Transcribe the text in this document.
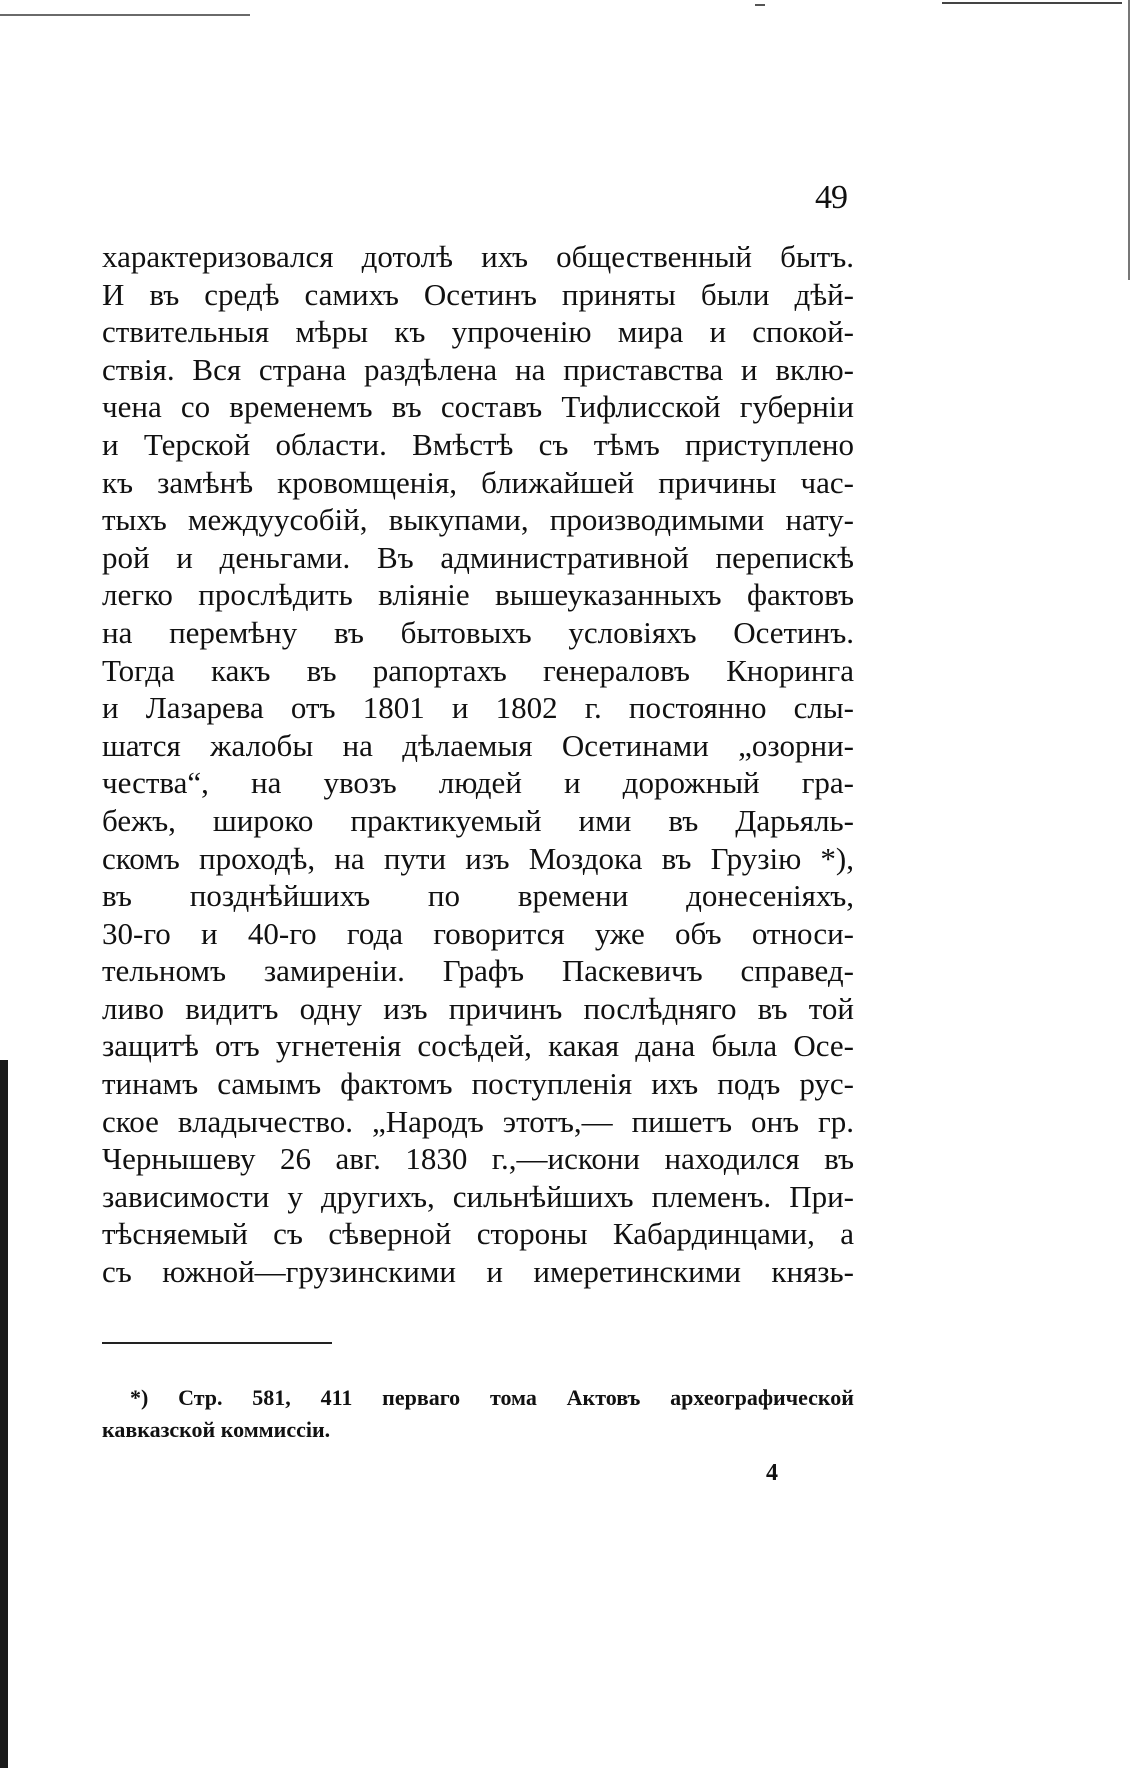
49
характеризовался дотолѣ ихъ общественный бытъ.
И въ средѣ самихъ Осетинъ приняты были дѣй-
ствительныя мѣры къ упроченію мира и спокой-
ствія. Вся страна раздѣлена на приставства и вклю-
чена со временемъ въ составъ Тифлисской губерніи
и Терской области. Вмѣстѣ съ тѣмъ приступлено
къ замѣнѣ кровомщенія, ближайшей причины час-
тыхъ междуусобій, выкупами, производимыми нату-
рой и деньгами. Въ административной перепискѣ
легко прослѣдить вліяніе вышеуказанныхъ фактовъ
на перемѣну въ бытовыхъ условіяхъ Осетинъ.
Тогда какъ въ рапортахъ генераловъ Кноринга
и Лазарева отъ 1801 и 1802 г. постоянно слы-
шатся жалобы на дѣлаемыя Осетинами „озорни-
чества“, на увозъ людей и дорожный гра-
бежъ, широко практикуемый ими въ Дарьяль-
скомъ проходѣ, на пути изъ Моздока въ Грузію *),
въ позднѣйшихъ по времени донесеніяхъ,
30-го и 40-го года говорится уже объ относи-
тельномъ замиреніи. Графъ Паскевичъ справед-
ливо видитъ одну изъ причинъ послѣдняго въ той
защитѣ отъ угнетенія сосѣдей, какая дана была Осе-
тинамъ самымъ фактомъ поступленія ихъ подъ рус-
ское владычество. „Народъ этотъ,— пишетъ онъ гр.
Чернышеву 26 авг. 1830 г.,—искони находился въ
зависимости у другихъ, сильнѣйшихъ племенъ. При-
тѣсняемый съ сѣверной стороны Кабардинцами, а
съ южной—грузинскими и имеретинскими князь-
*) Стр. 581, 411 перваго тома Актовъ археографической
кавказской коммиссіи.
4
